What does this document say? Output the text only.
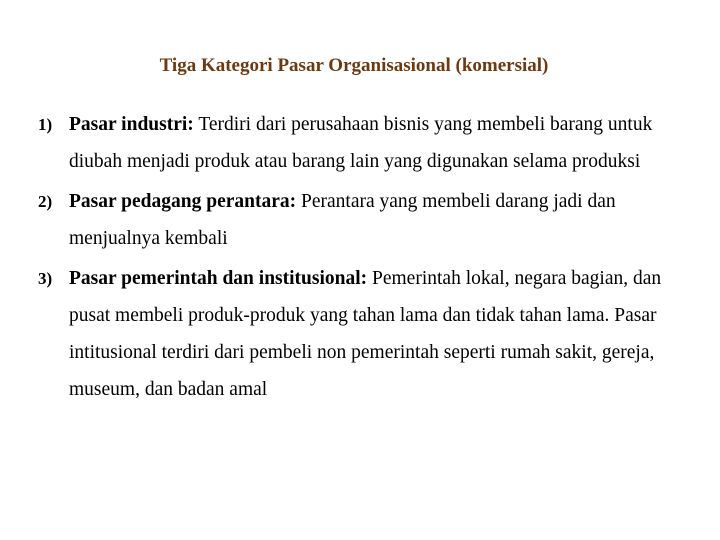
Tiga Kategori Pasar Organisasional (komersial)
1) Pasar industri: Terdiri dari perusahaan bisnis yang membeli barang untuk diubah menjadi produk atau barang lain yang digunakan selama produksi
2) Pasar pedagang perantara: Perantara yang membeli darang jadi dan menjualnya kembali
3) Pasar pemerintah dan institusional: Pemerintah lokal, negara bagian, dan pusat membeli produk-produk yang tahan lama dan tidak tahan lama. Pasar intitusional terdiri dari pembeli non pemerintah seperti rumah sakit, gereja, museum, dan badan amal
